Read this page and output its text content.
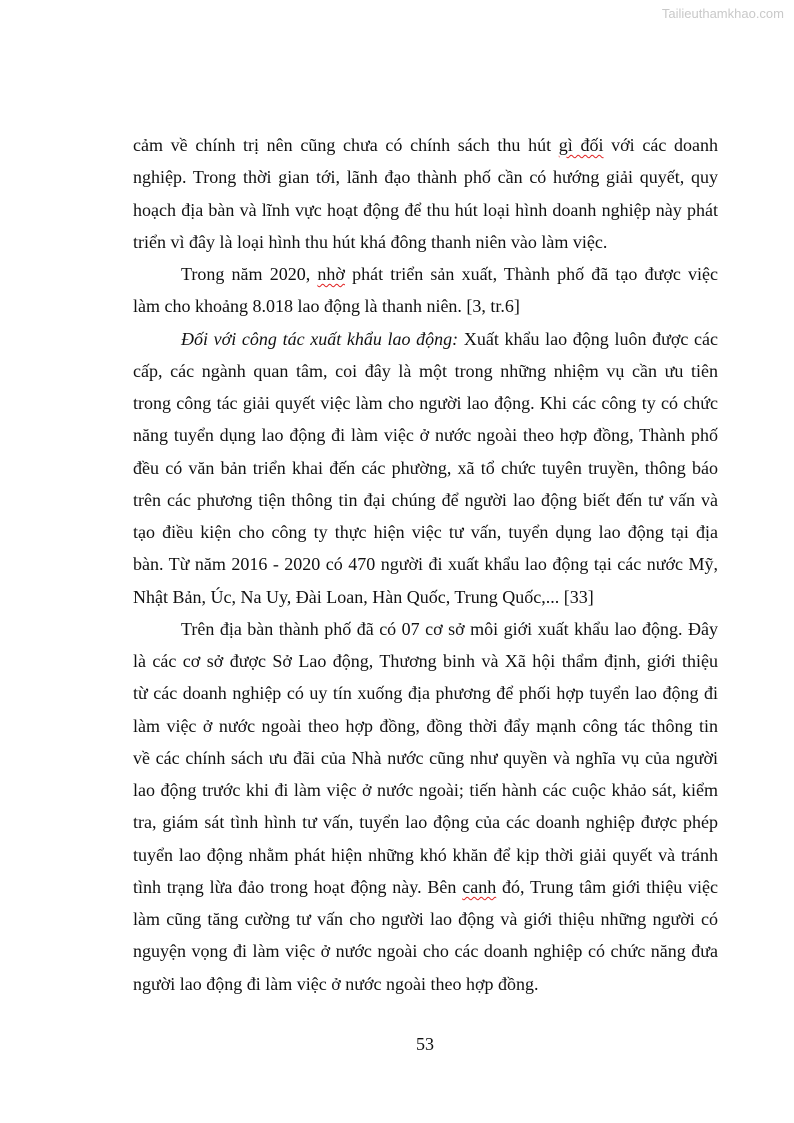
Tailieuthamkhao.com
cảm về chính trị nên cũng chưa có chính sách thu hút gì đối với các doanh
nghiệp. Trong thời gian tới, lãnh đạo thành phố cần có hướng giải quyết, quy
hoạch địa bàn và lĩnh vực hoạt động để thu hút loại hình doanh nghiệp này phát
triển vì đây là loại hình thu hút khá đông thanh niên vào làm việc.
Trong năm 2020, nhờ phát triển sản xuất, Thành phố đã tạo được việc
làm cho khoảng 8.018 lao động là thanh niên. [3, tr.6]
Đối với công tác xuất khẩu lao động: Xuất khẩu lao động luôn được các
cấp, các ngành quan tâm, coi đây là một trong những nhiệm vụ cần ưu tiên
trong công tác giải quyết việc làm cho người lao động. Khi các công ty có chức
năng tuyển dụng lao động đi làm việc ở nước ngoài theo hợp đồng, Thành phố
đều có văn bản triển khai đến các phường, xã tổ chức tuyên truyền, thông báo
trên các phương tiện thông tin đại chúng để người lao động biết đến tư vấn và
tạo điều kiện cho công ty thực hiện việc tư vấn, tuyển dụng lao động tại địa
bàn. Từ năm 2016 - 2020 có 470 người đi xuất khẩu lao động tại các nước Mỹ,
Nhật Bản, Úc, Na Uy, Đài Loan, Hàn Quốc, Trung Quốc,... [33]
Trên địa bàn thành phố đã có 07 cơ sở môi giới xuất khẩu lao động. Đây
là các cơ sở được Sở Lao động, Thương binh và Xã hội thẩm định, giới thiệu
từ các doanh nghiệp có uy tín xuống địa phương để phối hợp tuyển lao động đi
làm việc ở nước ngoài theo hợp đồng, đồng thời đẩy mạnh công tác thông tin
về các chính sách ưu đãi của Nhà nước cũng như quyền và nghĩa vụ của người
lao động trước khi đi làm việc ở nước ngoài; tiến hành các cuộc khảo sát, kiểm
tra, giám sát tình hình tư vấn, tuyển lao động của các doanh nghiệp được phép
tuyển lao động nhằm phát hiện những khó khăn để kịp thời giải quyết và tránh
tình trạng lừa đảo trong hoạt động này. Bên canh đó, Trung tâm giới thiệu việc
làm cũng tăng cường tư vấn cho người lao động và giới thiệu những người có
nguyện vọng đi làm việc ở nước ngoài cho các doanh nghiệp có chức năng đưa
người lao động đi làm việc ở nước ngoài theo hợp đồng.
53
